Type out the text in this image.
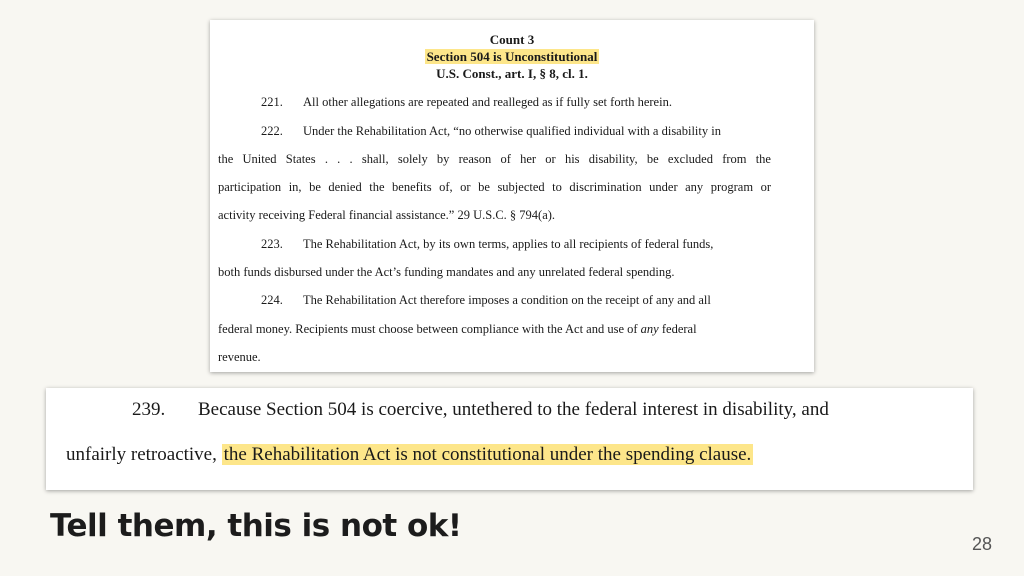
Count 3
Section 504 is Unconstitutional
U.S. Const., art. I, § 8, cl. 1.
221. All other allegations are repeated and realleged as if fully set forth herein.
222. Under the Rehabilitation Act, “no otherwise qualified individual with a disability in
the United States . . . shall, solely by reason of her or his disability, be excluded from the
participation in, be denied the benefits of, or be subjected to discrimination under any program or
activity receiving Federal financial assistance.” 29 U.S.C. § 794(a).
223. The Rehabilitation Act, by its own terms, applies to all recipients of federal funds,
both funds disbursed under the Act’s funding mandates and any unrelated federal spending.
224. The Rehabilitation Act therefore imposes a condition on the receipt of any and all
federal money. Recipients must choose between compliance with the Act and use of any federal
revenue.
239. Because Section 504 is coercive, untethered to the federal interest in disability, and
unfairly retroactive, the Rehabilitation Act is not constitutional under the spending clause.
Tell them, this is not ok!	28
